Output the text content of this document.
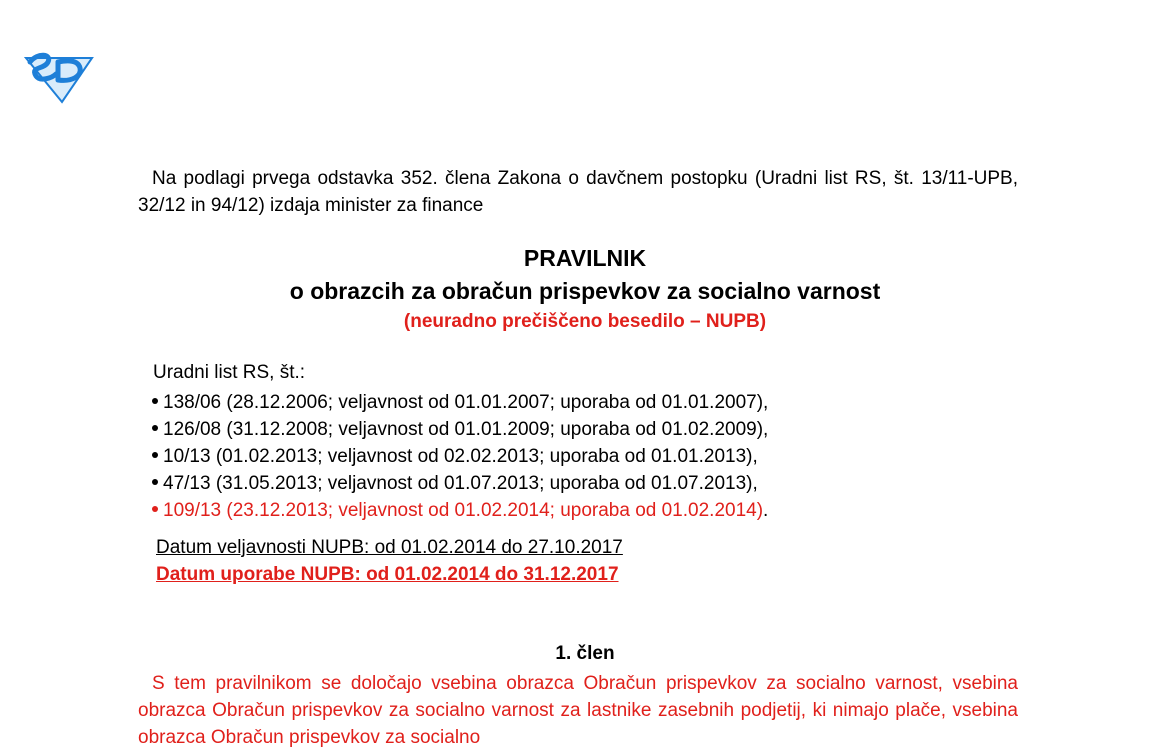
Na podlagi prvega odstavka 352. člena Zakona o davčnem postopku (Uradni list RS, št. 13/11-UPB, 32/12 in 94/12) izdaja minister za finance

PRAVILNIK
o obrazcih za obračun prispevkov za socialno varnost
(neuradno prečiščeno besedilo – NUPB)
Uradni list RS, št.:
138/06 (28.12.2006; veljavnost od 01.01.2007; uporaba od 01.01.2007),
126/08 (31.12.2008; veljavnost od 01.01.2009; uporaba od 01.02.2009),
10/13 (01.02.2013; veljavnost od 02.02.2013; uporaba od 01.01.2013),
47/13 (31.05.2013; veljavnost od 01.07.2013; uporaba od 01.07.2013),
109/13 (23.12.2013; veljavnost od 01.02.2014; uporaba od 01.02.2014).
Datum veljavnosti NUPB: od 01.02.2014 do 27.10.2017
Datum uporabe NUPB: od 01.02.2014 do 31.12.2017
1. člen

S tem pravilnikom se določajo vsebina obrazca Obračun prispevkov za socialno varnost, vsebina obrazca Obračun prispevkov za socialno varnost za lastnike zasebnih podjetij, ki nimajo plače, vsebina obrazca Obračun prispevkov za socialno
